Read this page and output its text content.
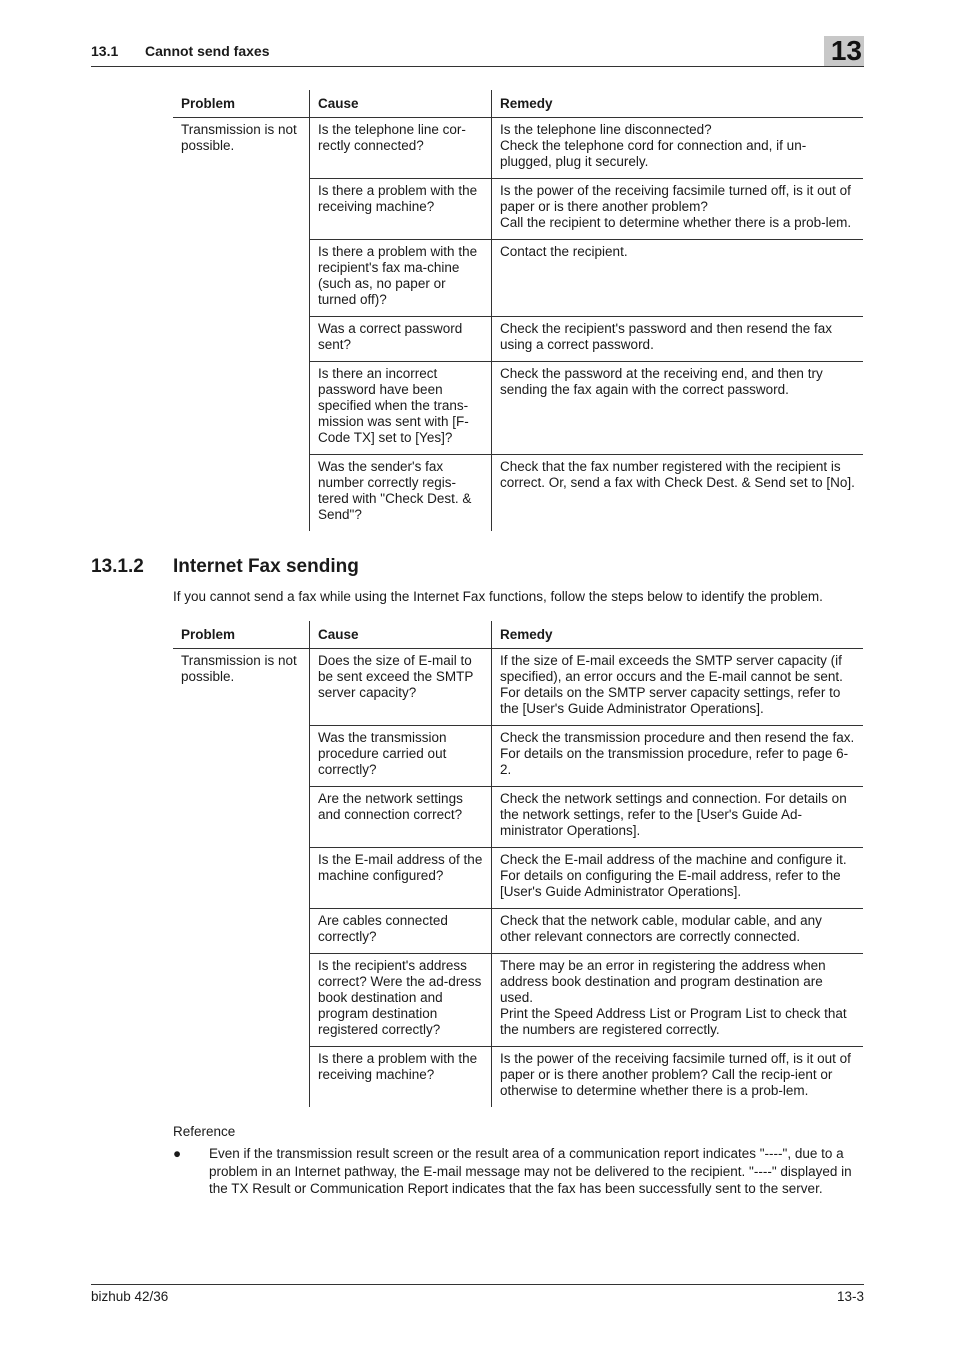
13.1 Cannot send faxes	13
Problem	Cause	Remedy
Transmission is not possible.	Is the telephone line cor-rectly connected?	Is the telephone line disconnected?
Check the telephone cord for connection and, if un-plugged, plug it securely.
	Is there a problem with the receiving machine?	Is the power of the receiving facsimile turned off, is it out of paper or is there another problem?
Call the recipient to determine whether there is a prob-lem.
	Is there a problem with the recipient's fax ma-chine (such as, no paper or turned off)?	Contact the recipient.
	Was a correct password sent?	Check the recipient's password and then resend the fax using a correct password.
	Is there an incorrect password have been specified when the trans-mission was sent with [F-Code TX] set to [Yes]?	Check the password at the receiving end, and then try sending the fax again with the correct password.
	Was the sender's fax number correctly regis-tered with "Check Dest. & Send"?	Check that the fax number registered with the recipient is correct. Or, send a fax with Check Dest. & Send set to [No].
13.1.2 Internet Fax sending
If you cannot send a fax while using the Internet Fax functions, follow the steps below to identify the problem.
Problem	Cause	Remedy
Transmission is not possible.	Does the size of E-mail to be sent exceed the SMTP server capacity?	If the size of E-mail exceeds the SMTP server capacity (if specified), an error occurs and the E-mail cannot be sent. For details on the SMTP server capacity settings, refer to the [User's Guide Administrator Operations].
	Was the transmission procedure carried out correctly?	Check the transmission procedure and then resend the fax. For details on the transmission procedure, refer to page 6-2.
	Are the network settings and connection correct?	Check the network settings and connection. For details on the network settings, refer to the [User's Guide Ad-ministrator Operations].
	Is the E-mail address of the machine configured?	Check the E-mail address of the machine and configure it. For details on configuring the E-mail address, refer to the [User's Guide Administrator Operations].
	Are cables connected correctly?	Check that the network cable, modular cable, and any other relevant connectors are correctly connected.
	Is the recipient's address correct? Were the ad-dress book destination and program destination registered correctly?	There may be an error in registering the address when address book destination and program destination are used.
Print the Speed Address List or Program List to check that the numbers are registered correctly.
	Is there a problem with the receiving machine?	Is the power of the receiving facsimile turned off, is it out of paper or is there another problem? Call the recip-ient or otherwise to determine whether there is a prob-lem.
Reference
● Even if the transmission result screen or the result area of a communication report indicates "----", due to a problem in an Internet pathway, the E-mail message may not be delivered to the recipient. "----" displayed in the TX Result or Communication Report indicates that the fax has been successfully sent to the server.
bizhub 42/36	13-3
